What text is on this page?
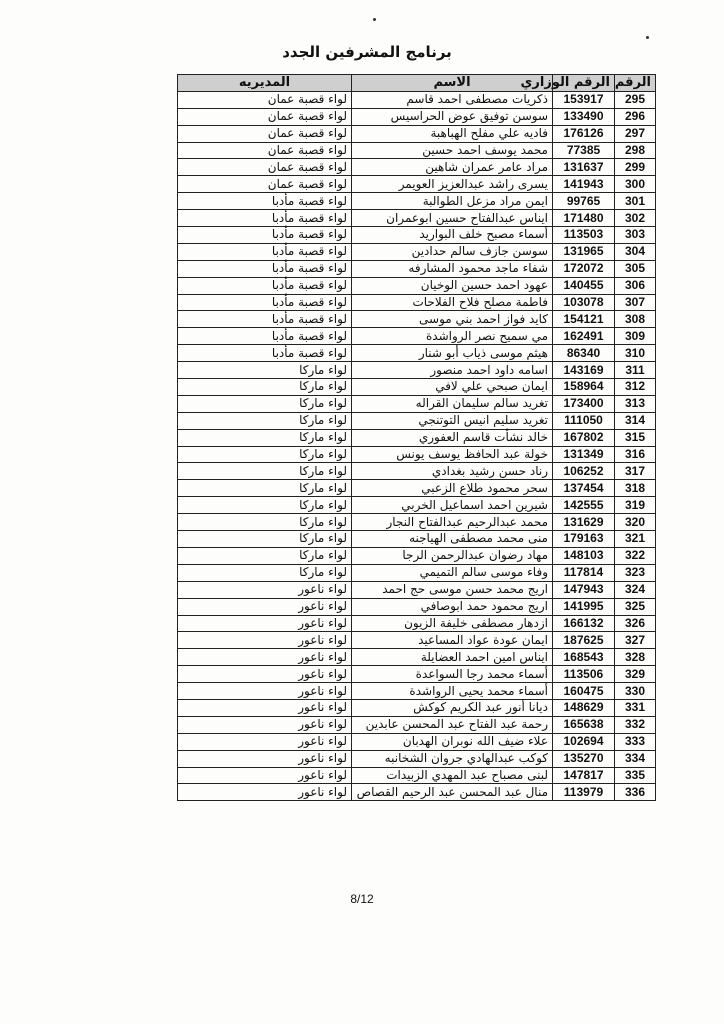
برنامج المشرفين الجدد
الرقم	الرقم الوزاري	الاسم	المديريه
295	153917	ذكريات مصطفى احمد قاسم	لواء قصبة عمان
296	133490	سوسن توفيق عوض الحراسيس	لواء قصبة عمان
297	176126	فاديه علي مفلح الهباهبة	لواء قصبة عمان
298	77385	محمد يوسف احمد حسين	لواء قصبة عمان
299	131637	مراد عامر عمران شاهين	لواء قصبة عمان
300	141943	يسرى راشد عبدالعزيز العويمر	لواء قصبة عمان
301	99765	ايمن مراد مزعل الطوالبة	لواء قصبة مأدبا
302	171480	ايناس عبدالفتاح حسين ابوعمران	لواء قصبة مأدبا
303	113503	أسماء مصبح خلف البواريد	لواء قصبة مأدبا
304	131965	سوسن جازف سالم حدادين	لواء قصبة مأدبا
305	172072	شفاء ماجد محمود المشارفه	لواء قصبة مأدبا
306	140455	عهود احمد حسين الوخيان	لواء قصبة مأدبا
307	103078	فاطمة مصلح فلاح الفلاحات	لواء قصبة مأدبا
308	154121	كايد فواز احمد بني موسى	لواء قصبة مأدبا
309	162491	مي سميح نصر الرواشدة	لواء قصبة مأدبا
310	86340	هيثم موسى ذياب أبو شنار	لواء قصبة مأدبا
311	143169	اسامه داود احمد منصور	لواء ماركا
312	158964	ايمان صبحي علي لافي	لواء ماركا
313	173400	تغريد سالم سليمان القراله	لواء ماركا
314	111050	تغريد سليم انيس التوتنجي	لواء ماركا
315	167802	خالد نشأت قاسم العفوري	لواء ماركا
316	131349	خولة عبد الحافظ يوسف يونس	لواء ماركا
317	106252	رناد حسن رشيد بغدادي	لواء ماركا
318	137454	سحر محمود طلاع الزعبي	لواء ماركا
319	142555	شيرين احمد اسماعيل الخربي	لواء ماركا
320	131629	محمد عبدالرحيم عبدالفتاح النجار	لواء ماركا
321	179163	منى محمد مصطفى الهياجنه	لواء ماركا
322	148103	مهاد رضوان عبدالرحمن الرجا	لواء ماركا
323	117814	وفاء موسى سالم التميمي	لواء ماركا
324	147943	اريج محمد حسن موسى حج احمد	لواء ناعور
325	141995	اريج محمود حمد ابوصافي	لواء ناعور
326	166132	ازدهار مصطفى خليفة الزيون	لواء ناعور
327	187625	ايمان عودة عواد المساعيد	لواء ناعور
328	168543	ايناس امين احمد العضايلة	لواء ناعور
329	113506	أسماء محمد رجا السواعدة	لواء ناعور
330	160475	أسماء محمد يحيى الرواشدة	لواء ناعور
331	148629	ديانا أنور عبد الكريم كوكش	لواء ناعور
332	165638	رحمة عبد الفتاح عبد المحسن عابدين	لواء ناعور
333	102694	علاء ضيف الله نوبران الهدبان	لواء ناعور
334	135270	كوكب عبدالهادي جروان الشخانبه	لواء ناعور
335	147817	لبنى مصباح عبد المهدي الزبيدات	لواء ناعور
336	113979	منال عبد المحسن عبد الرحيم القصاص	لواء ناعور
8/12
